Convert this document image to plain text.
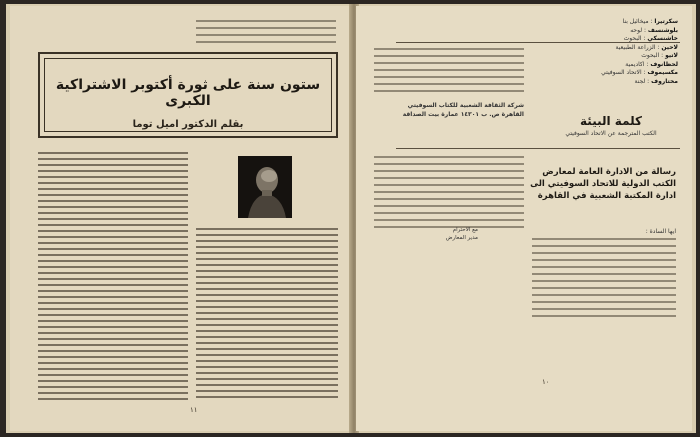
ستون سنة على ثورة أكتوبر الاشتراكية الكبرى
بقلم الدكتور اميل توما
١١
سكرتيرا : ميخائيل بنا
بلوشنسف : لوحه
خاشنسكي : البحوث
لاحين : الزراعة الطبيعية
لاتيو : البحوث
لحظانوف : اكاديمية
مكسيموف : الاتحاد السوفيتي
مختاروف : لجنة
شركة الثقافة الشعبية للكتاب السوفيتي
القاهرة ص. ب ١٤٣٠١ عمارة بيت الصداقة	كلمة البيئة
الكتب المترجمة عن الاتحاد السوفيتي
مع الاحترام
مدير المعارض
رسالة من الادارة العامة لمعارض الكتب الدولية للاتحاد السوفيتي الى ادارة المكتبة الشعبية في القاهرة
ايها السادة :
١٠
